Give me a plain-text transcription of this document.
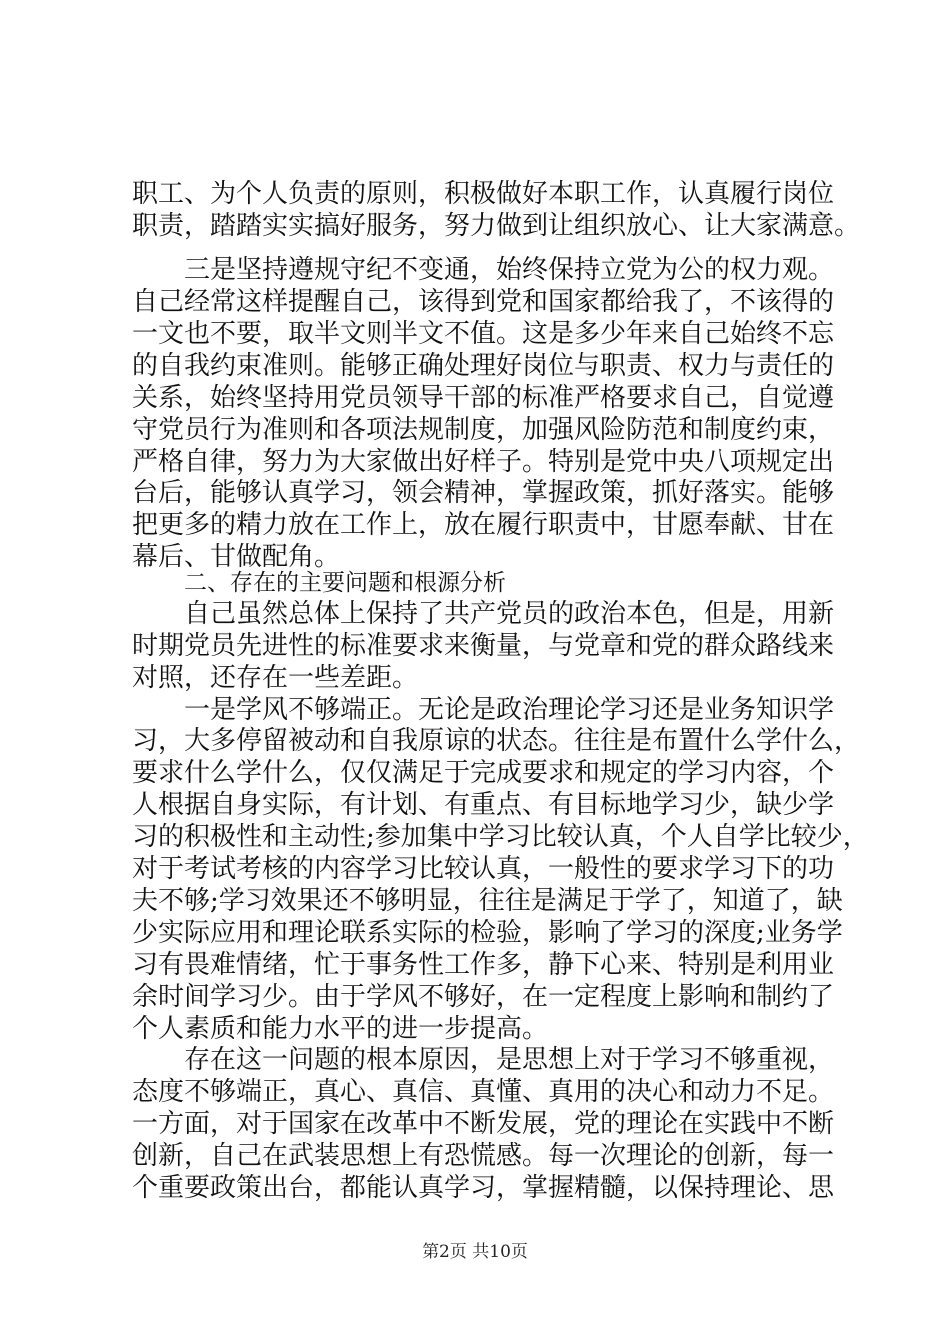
职工、为个人负责的原则，积极做好本职工作，认真履行岗位
职责，踏踏实实搞好服务，努力做到让组织放心、让大家满意。
三是坚持遵规守纪不变通，始终保持立党为公的权力观。
自己经常这样提醒自己，该得到党和国家都给我了，不该得的
一文也不要，取半文则半文不值。这是多少年来自己始终不忘
的自我约束准则。能够正确处理好岗位与职责、权力与责任的
关系，始终坚持用党员领导干部的标准严格要求自己，自觉遵
守党员行为准则和各项法规制度，加强风险防范和制度约束，
严格自律，努力为大家做出好样子。特别是党中央八项规定出
台后，能够认真学习，领会精神，掌握政策，抓好落实。能够
把更多的精力放在工作上，放在履行职责中，甘愿奉献、甘在
幕后、甘做配角。
二、存在的主要问题和根源分析
自己虽然总体上保持了共产党员的政治本色，但是，用新
时期党员先进性的标准要求来衡量，与党章和党的群众路线来
对照，还存在一些差距。
一是学风不够端正。无论是政治理论学习还是业务知识学
习，大多停留被动和自我原谅的状态。往往是布置什么学什么，
要求什么学什么，仅仅满足于完成要求和规定的学习内容，个
人根据自身实际，有计划、有重点、有目标地学习少，缺少学
习的积极性和主动性;参加集中学习比较认真，个人自学比较少，
对于考试考核的内容学习比较认真，一般性的要求学习下的功
夫不够;学习效果还不够明显，往往是满足于学了，知道了，缺
少实际应用和理论联系实际的检验，影响了学习的深度;业务学
习有畏难情绪，忙于事务性工作多，静下心来、特别是利用业
余时间学习少。由于学风不够好，在一定程度上影响和制约了
个人素质和能力水平的进一步提高。
存在这一问题的根本原因，是思想上对于学习不够重视，
态度不够端正，真心、真信、真懂、真用的决心和动力不足。
一方面，对于国家在改革中不断发展，党的理论在实践中不断
创新，自己在武装思想上有恐慌感。每一次理论的创新，每一
个重要政策出台，都能认真学习，掌握精髓，以保持理论、思
第2页 共10页
